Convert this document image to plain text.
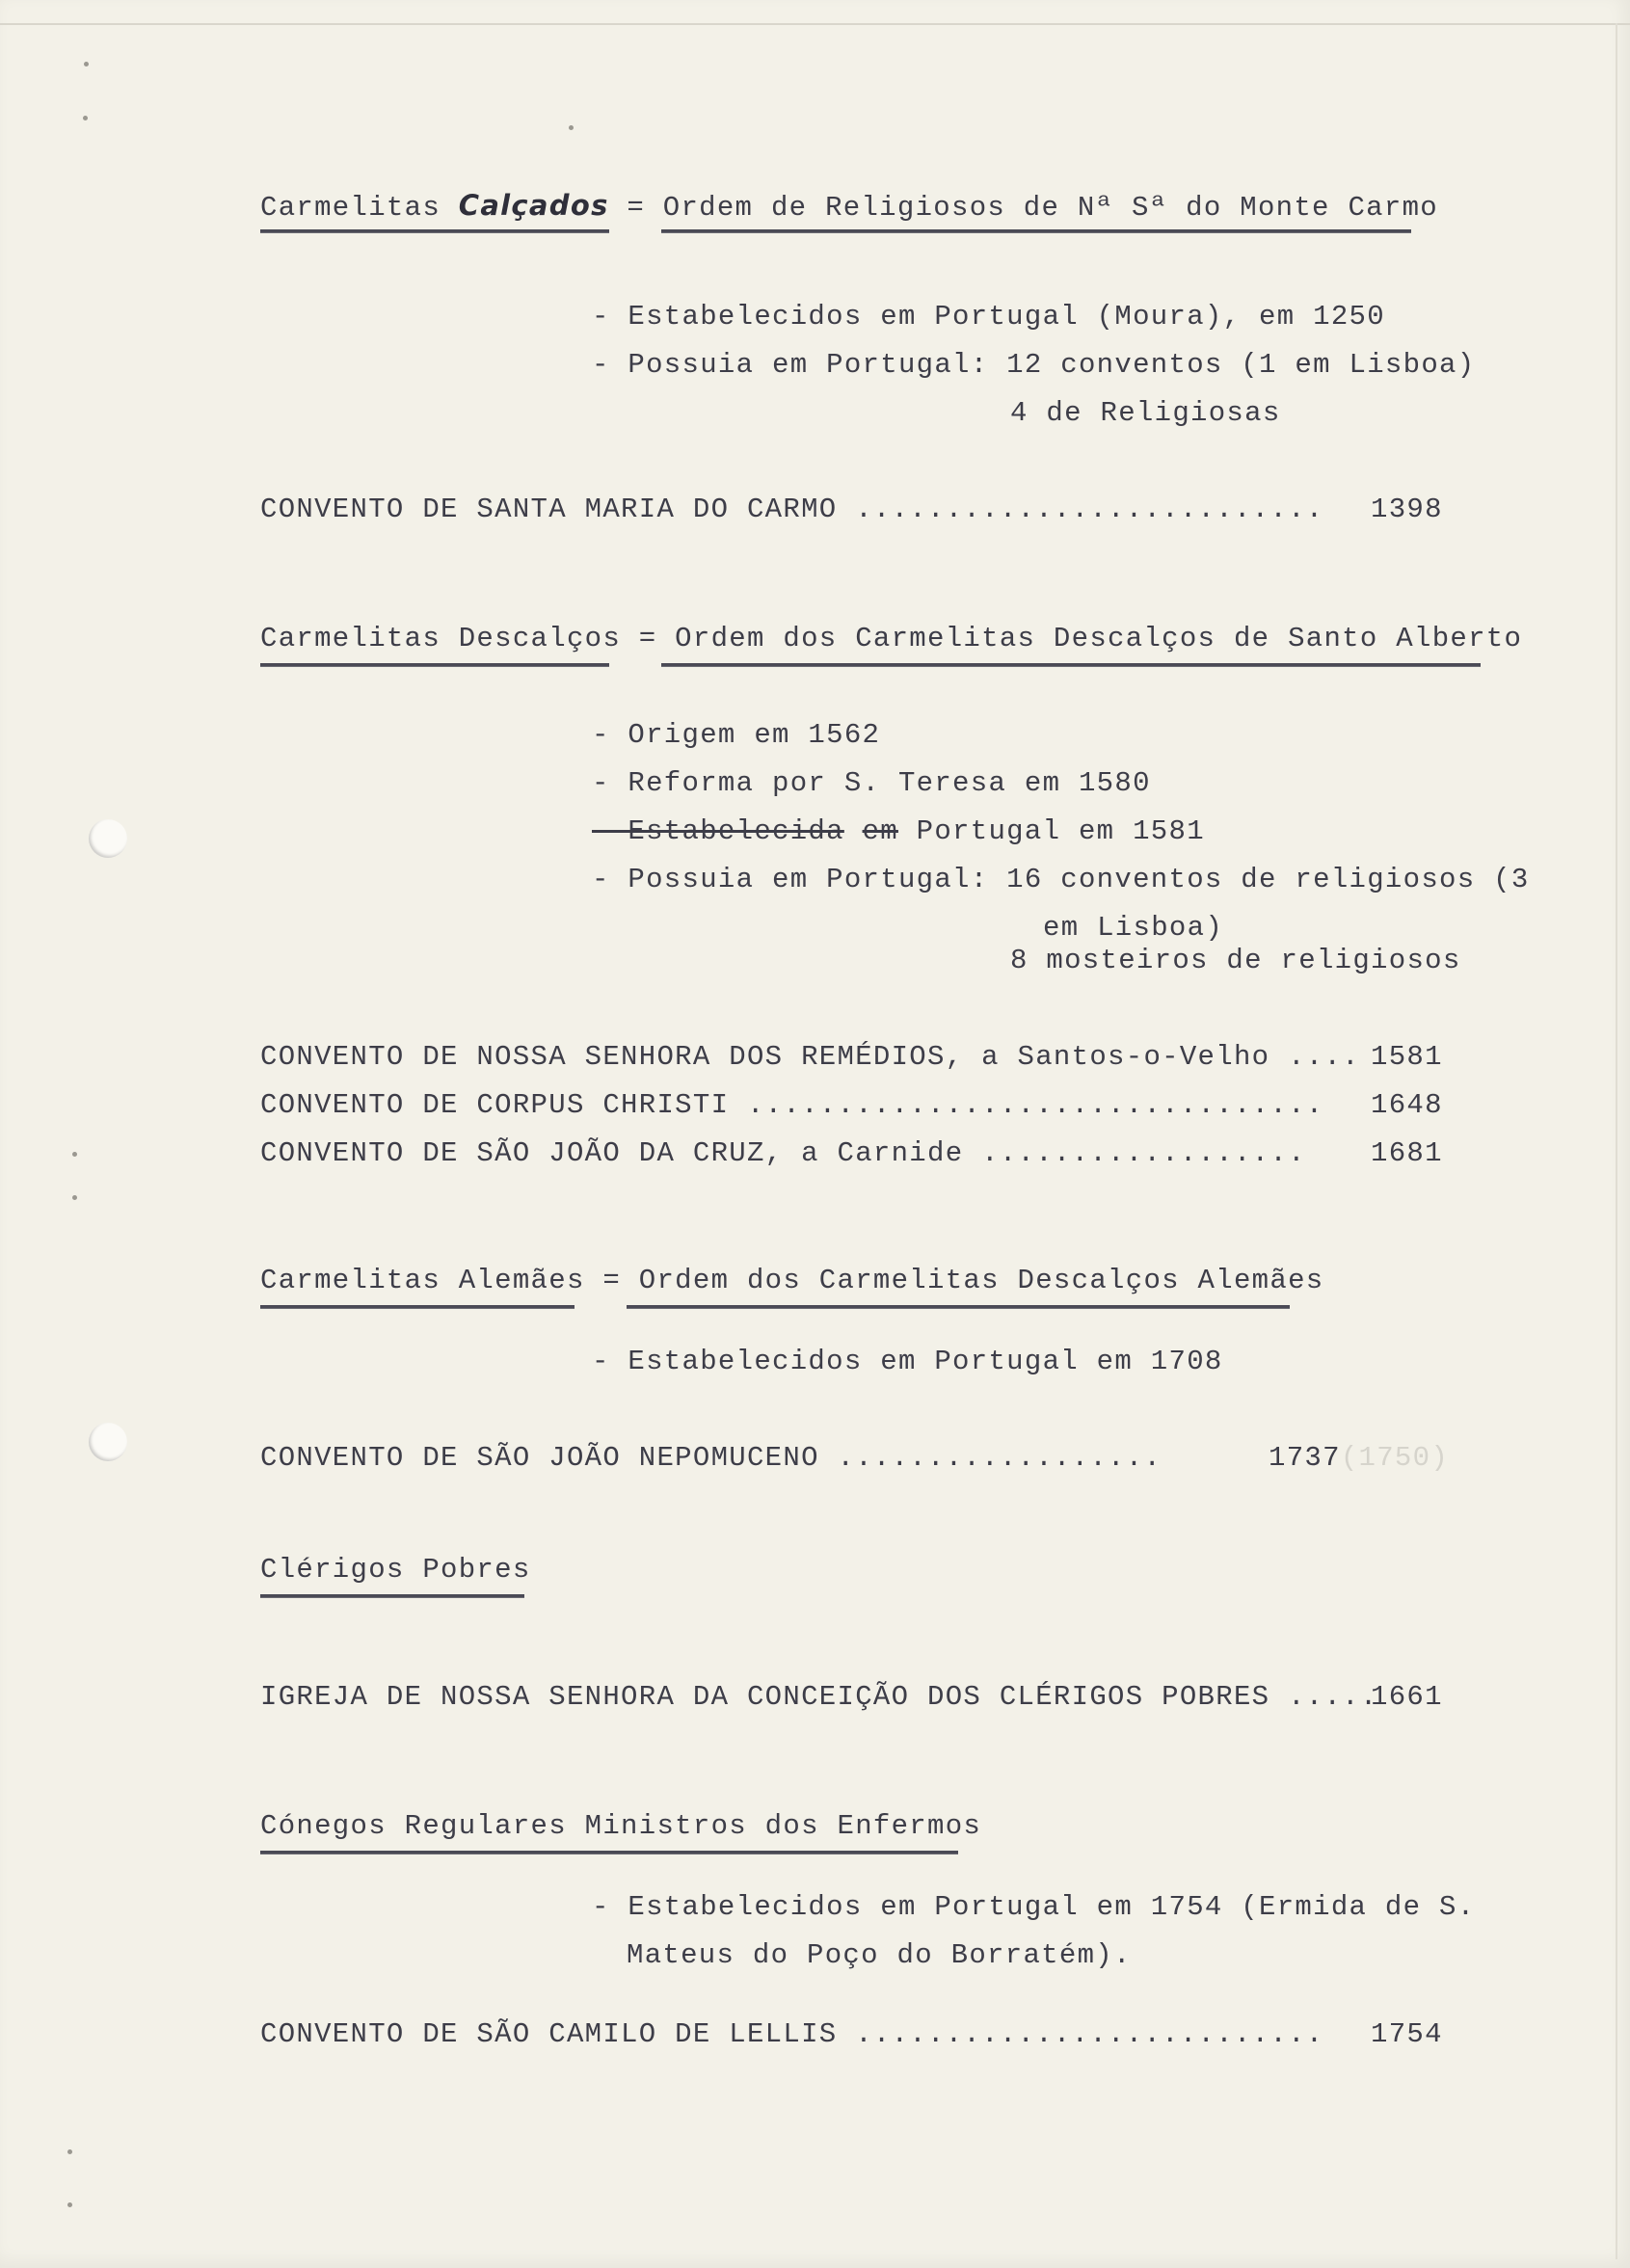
Carmelitas Calçados = Ordem de Religiosos de Nª Sª do Monte Carmo
- Estabelecidos em Portugal (Moura), em 1250
- Possuia em Portugal: 12 conventos (1 em Lisboa)
4 de Religiosas
CONVENTO DE SANTA MARIA DO CARMO .......................... 1398
Carmelitas Descalços = Ordem dos Carmelitas Descalços de Santo Alberto
- Origem em 1562
- Reforma por S. Teresa em 1580
- Estabelecida em Portugal em 1581
- Possuia em Portugal: 16 conventos de religiosos (3
em Lisboa)
8 mosteiros de religiosos
CONVENTO DE NOSSA SENHORA DOS REMÉDIOS, a Santos-o-Velho .... 1581
CONVENTO DE CORPUS CHRISTI ................................ 1648
CONVENTO DE SÃO JOÃO DA CRUZ, a Carnide .................. 1681
Carmelitas Alemães = Ordem dos Carmelitas Descalços Alemães
- Estabelecidos em Portugal em 1708
CONVENTO DE SÃO JOÃO NEPOMUCENO ..................	1737(1750)
Clérigos Pobres
IGREJA DE NOSSA SENHORA DA CONCEIÇÃO DOS CLÉRIGOS POBRES .....
1661
Cónegos Regulares Ministros dos Enfermos
- Estabelecidos em Portugal em 1754 (Ermida de S.
Mateus do Poço do Borratém).
CONVENTO DE SÃO CAMILO DE LELLIS .......................... 1754
